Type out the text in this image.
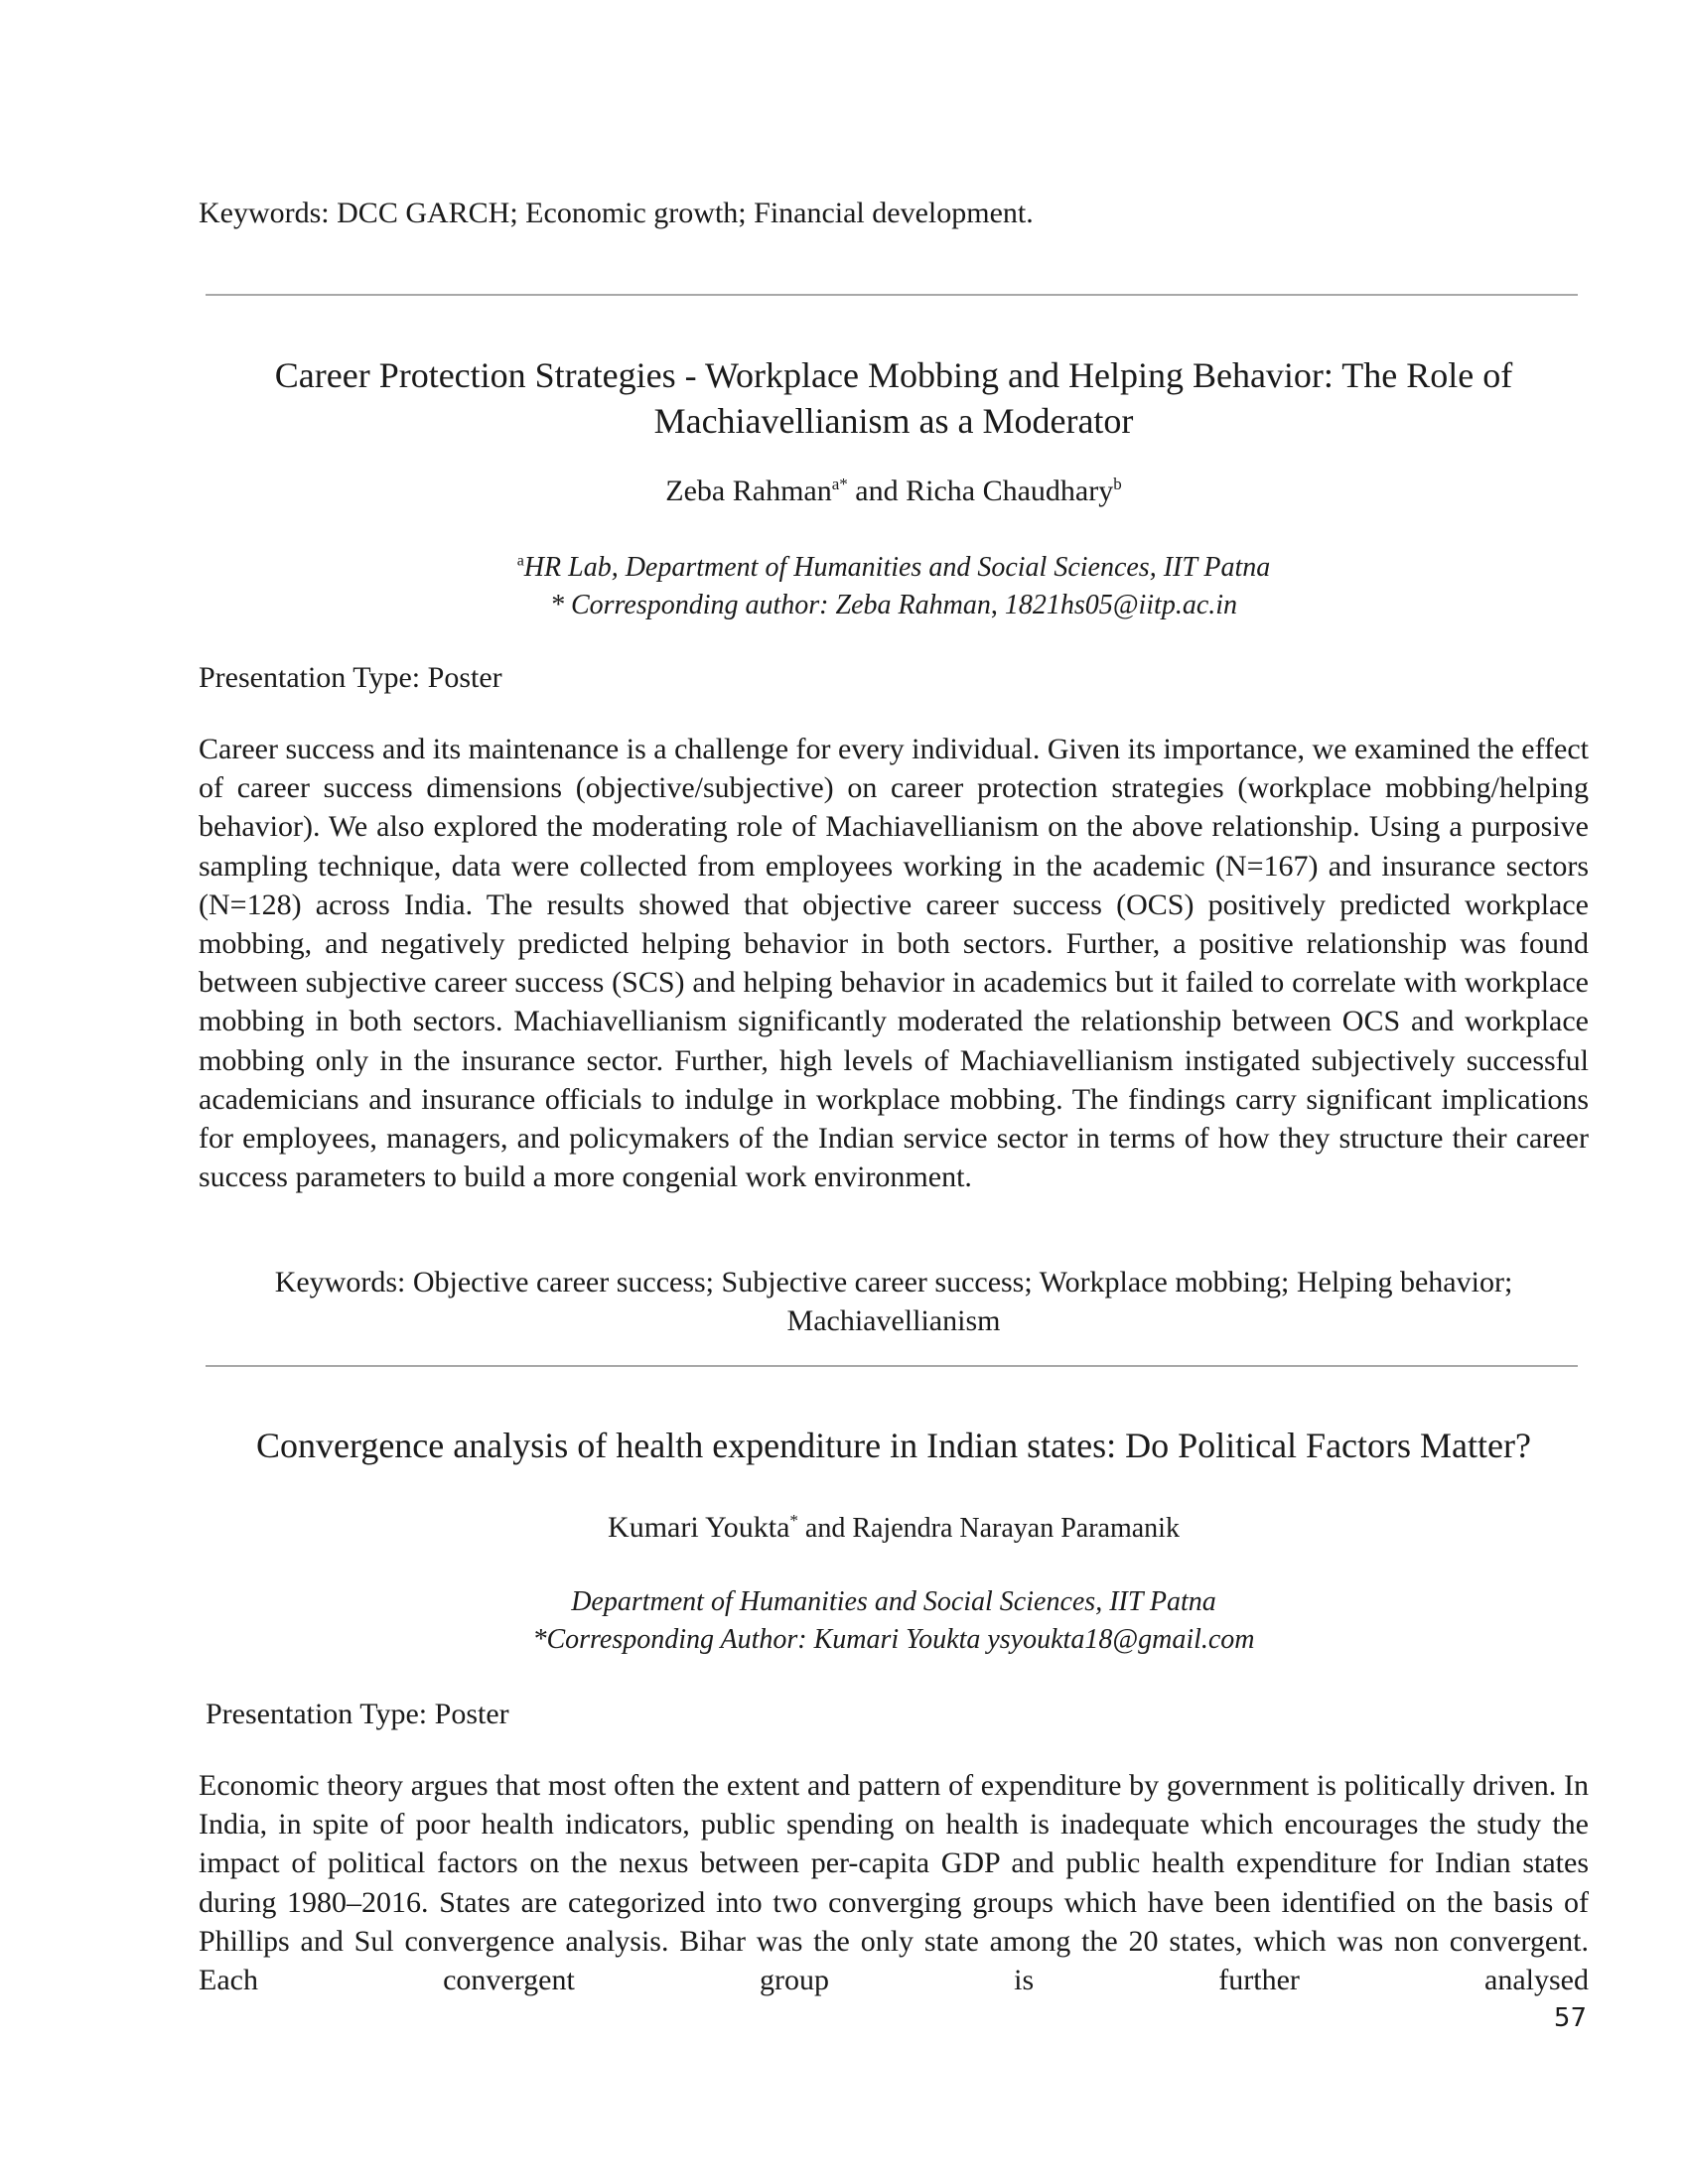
Keywords: DCC GARCH; Economic growth; Financial development.
Career Protection Strategies - Workplace Mobbing and Helping Behavior: The Role of
Machiavellianism as a Moderator
Zeba Rahman$^{a*}$ and Richa Chaudhary$^b$
$^a$HR Lab, Department of Humanities and Social Sciences, IIT Patna
* Corresponding author: Zeba Rahman, 1821hs05@iitp.ac.in
Presentation Type: Poster

Career success and its maintenance is a challenge for every individual. Given its importance, we examined the effect of career success dimensions (objective/subjective) on career protection strategies (workplace mobbing/helping behavior). We also explored the moderating role of Machiavellianism on the above relationship. Using a purposive sampling technique, data were collected from employees working in the academic (N=167) and insurance sectors (N=128) across India. The results showed that objective career success (OCS) positively predicted workplace mobbing, and negatively predicted helping behavior in both sectors. Further, a positive relationship was found between subjective career success (SCS) and helping behavior in academics but it failed to correlate with workplace mobbing in both sectors. Machiavellianism significantly moderated the relationship between OCS and workplace mobbing only in the insurance sector. Further, high levels of Machiavellianism instigated subjectively successful academicians and insurance officials to indulge in workplace mobbing. The findings carry significant implications for employees, managers, and policymakers of the Indian service sector in terms of how they structure their career success parameters to build a more congenial work environment.

Keywords: Objective career success; Subjective career success; Workplace mobbing; Helping behavior;
Machiavellianism
Convergence analysis of health expenditure in Indian states: Do Political Factors Matter?
Kumari Youkta* and Rajendra Narayan Paramanik
Department of Humanities and Social Sciences, IIT Patna
*Corresponding Author: Kumari Youkta ysyoukta18@gmail.com
Presentation Type: Poster

Economic theory argues that most often the extent and pattern of expenditure by government is politically driven. In India, in spite of poor health indicators, public spending on health is inadequate which encourages the study the impact of political factors on the nexus between per-capita GDP and public health expenditure for Indian states during 1980–2016. States are categorized into two converging groups which have been identified on the basis of Phillips and Sul convergence analysis. Bihar was the only state among the 20 states, which was non convergent. Each convergent group is further analysed

57
